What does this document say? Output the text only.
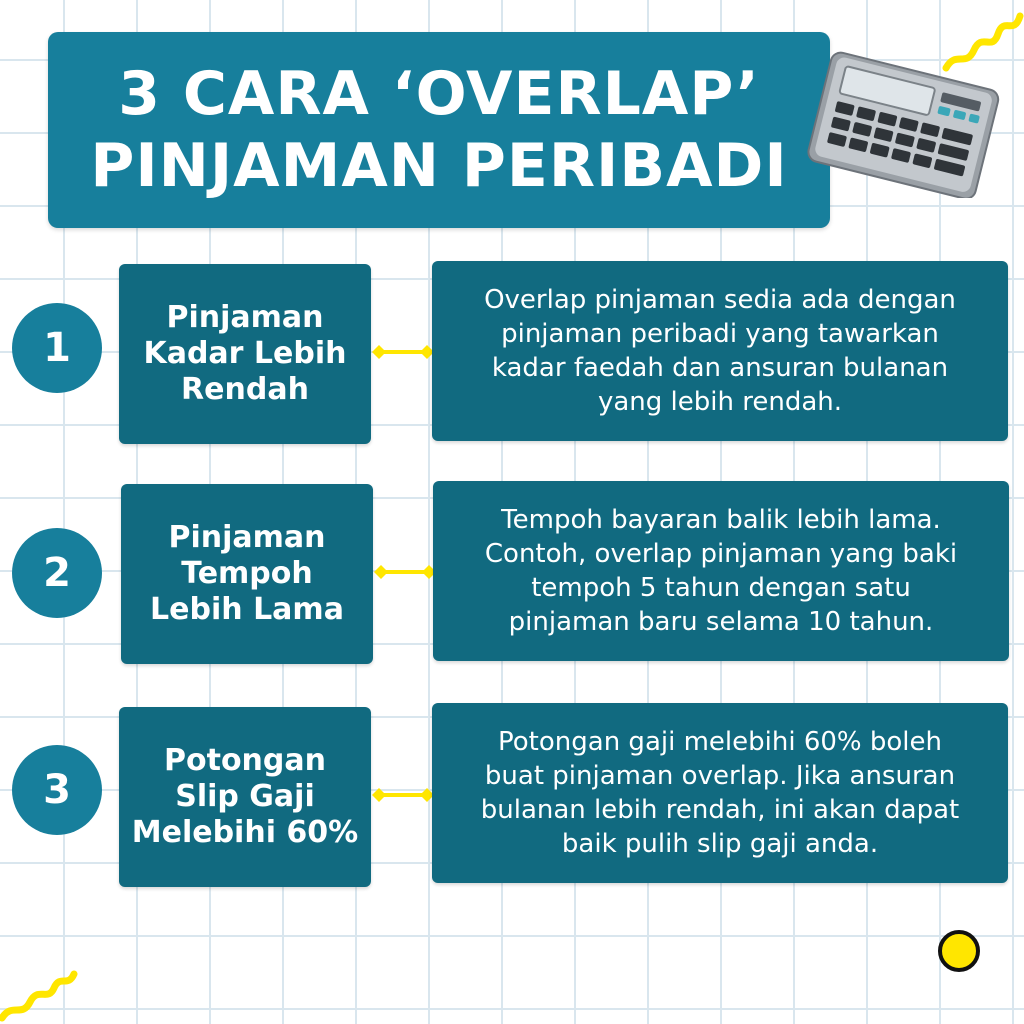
3 CARA ‘OVERLAP’
PINJAMAN PERIBADI
1
Pinjaman
Kadar Lebih
Rendah
Overlap pinjaman sedia ada dengan
pinjaman peribadi yang tawarkan
kadar faedah dan ansuran bulanan
yang lebih rendah.
2
Pinjaman
Tempoh
Lebih Lama
Tempoh bayaran balik lebih lama.
Contoh, overlap pinjaman yang baki
tempoh 5 tahun dengan satu
pinjaman baru selama 10 tahun.
3
Potongan
Slip Gaji
Melebihi 60%
Potongan gaji melebihi 60% boleh
buat pinjaman overlap. Jika ansuran
bulanan lebih rendah, ini akan dapat
baik pulih slip gaji anda.
